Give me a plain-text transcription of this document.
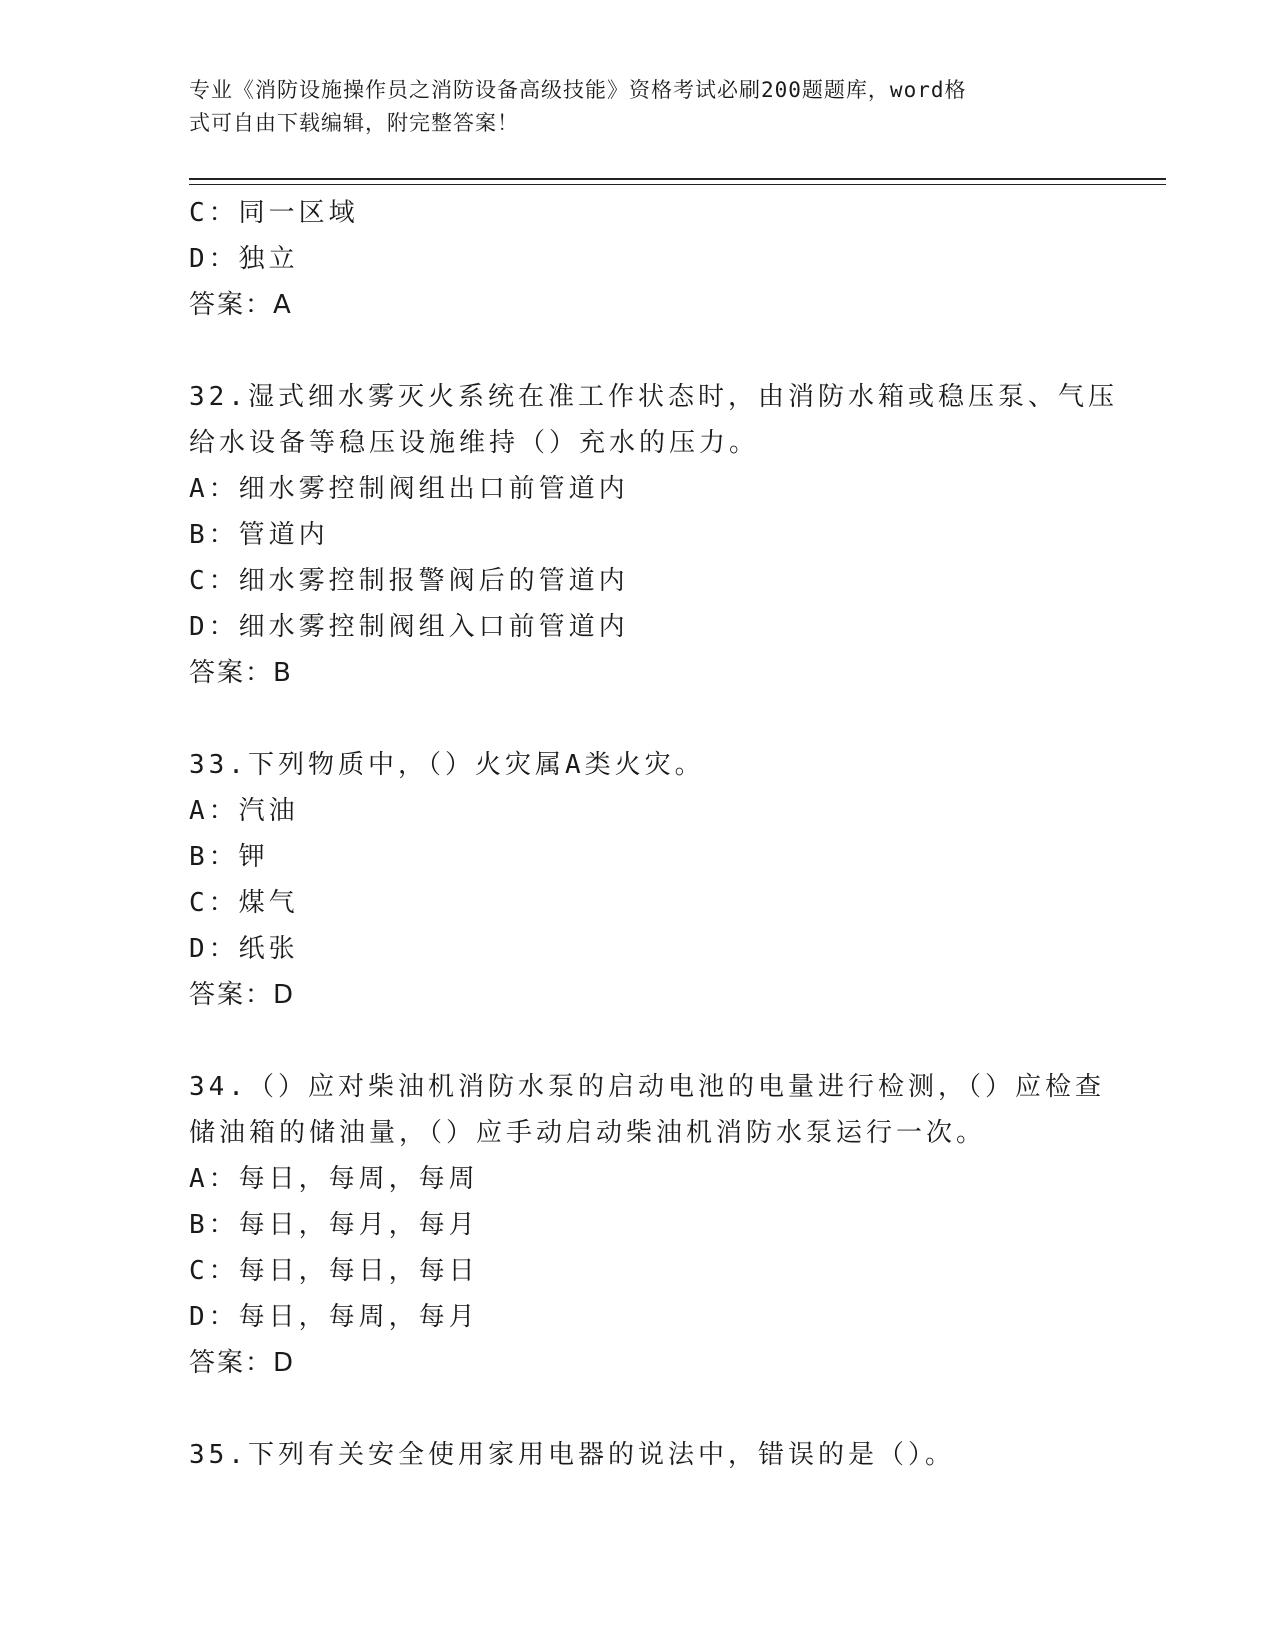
专业《消防设施操作员之消防设备高级技能》资格考试必刷200题题库，word格
式可自由下载编辑，附完整答案！
C：同一区域
D：独立
答案：A
32.湿式细水雾灭火系统在准工作状态时，由消防水箱或稳压泵、气压
给水设备等稳压设施维持（）充水的压力。
A：细水雾控制阀组出口前管道内
B：管道内
C：细水雾控制报警阀后的管道内
D：细水雾控制阀组入口前管道内
答案：B
33.下列物质中，（）火灾属A类火灾。
A：汽油
B：钾
C：煤气
D：纸张
答案：D
34.（）应对柴油机消防水泵的启动电池的电量进行检测，（）应检查
储油箱的储油量，（）应手动启动柴油机消防水泵运行一次。
A：每日，每周，每周
B：每日，每月，每月
C：每日，每日，每日
D：每日，每周，每月
答案：D
35.下列有关安全使用家用电器的说法中，错误的是（）。
